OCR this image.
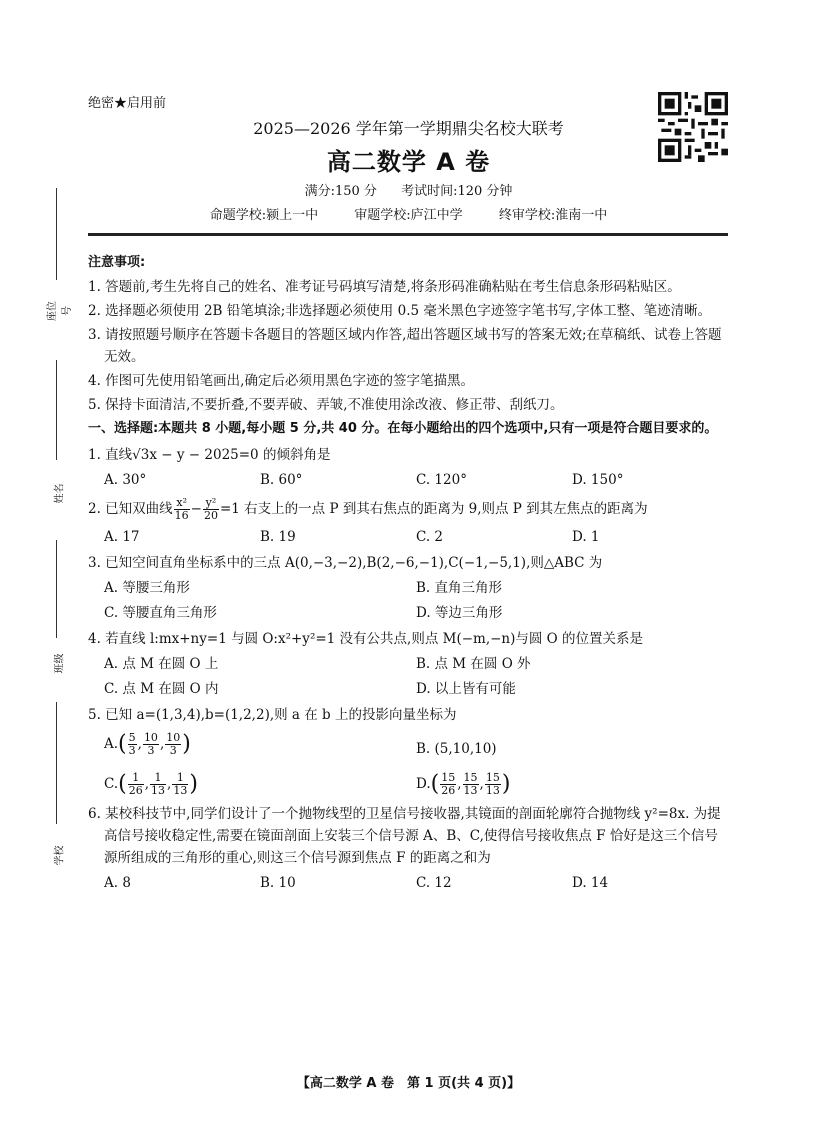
绝密★启用前
2025—2026 学年第一学期鼎尖名校大联考
高二数学 A 卷
满分:150 分 考试时间:120 分钟
命题学校:颍上一中	审题学校:庐江中学	终审学校:淮南一中
座位号
姓名
班级
学校
注意事项:
1. 答题前,考生先将自己的姓名、准考证号码填写清楚,将条形码准确粘贴在考生信息条形码粘贴区。
2. 选择题必须使用 2B 铅笔填涂;非选择题必须使用 0.5 毫米黑色字迹签字笔书写,字体工整、笔迹清晰。
3. 请按照题号顺序在答题卡各题目的答题区域内作答,超出答题区域书写的答案无效;在草稿纸、试卷上答题无效。
4. 作图可先使用铅笔画出,确定后必须用黑色字迹的签字笔描黑。
5. 保持卡面清洁,不要折叠,不要弄破、弄皱,不准使用涂改液、修正带、刮纸刀。
一、选择题:本题共 8 小题,每小题 5 分,共 40 分。在每小题给出的四个选项中,只有一项是符合题目要求的。
1. 直线√3x − y − 2025=0 的倾斜角是
A. 30°	B. 60°	C. 120°	D. 150°
2. 已知双曲线 $\frac{\text{x²}}{16} - \frac{\text{y²}}{20} =1$ 右支上的一点 P 到其右焦点的距离为 9,则点 P 到其左焦点的距离为
A. 17	B. 19	C. 2	D. 1
3. 已知空间直角坐标系中的三点 A(0,−3,−2),B(2,−6,−1),C(−1,−5,1),则△ABC 为
A. 等腰三角形	B. 直角三角形
C. 等腰直角三角形	D. 等边三角形
4. 若直线 l:mx+ny=1 与圆 O:x²+y²=1 没有公共点,则点 M(−m,−n)与圆 O 的位置关系是
A. 点 M 在圆 O 上	B. 点 M 在圆 O 外
C. 点 M 在圆 O 内	D. 以上皆有可能
5. 已知 a=(1,3,4),b=(1,2,2),则 a 在 b 上的投影向量坐标为
$A.( \frac{5}{3}$ , $\frac{10}{3}$ , $\frac{10}{3}$ )	B. (5,10,10)
$C.( \frac{1}{26}$ , $\frac{1}{13}$ , $\frac{1}{13}$ )	$D.( \frac{15}{26}$ , $\frac{15}{13}$ , $\frac{15}{13}$ )
6. 某校科技节中,同学们设计了一个抛物线型的卫星信号接收器,其镜面的剖面轮廓符合抛物线 y²=8x. 为提高信号接收稳定性,需要在镜面剖面上安装三个信号源 A、B、C,使得信号接收焦点 F 恰好是这三个信号源所组成的三角形的重心,则这三个信号源到焦点 F 的距离之和为
A. 8	B. 10	C. 12	D. 14
【高二数学 A 卷　第 1 页(共 4 页)】
